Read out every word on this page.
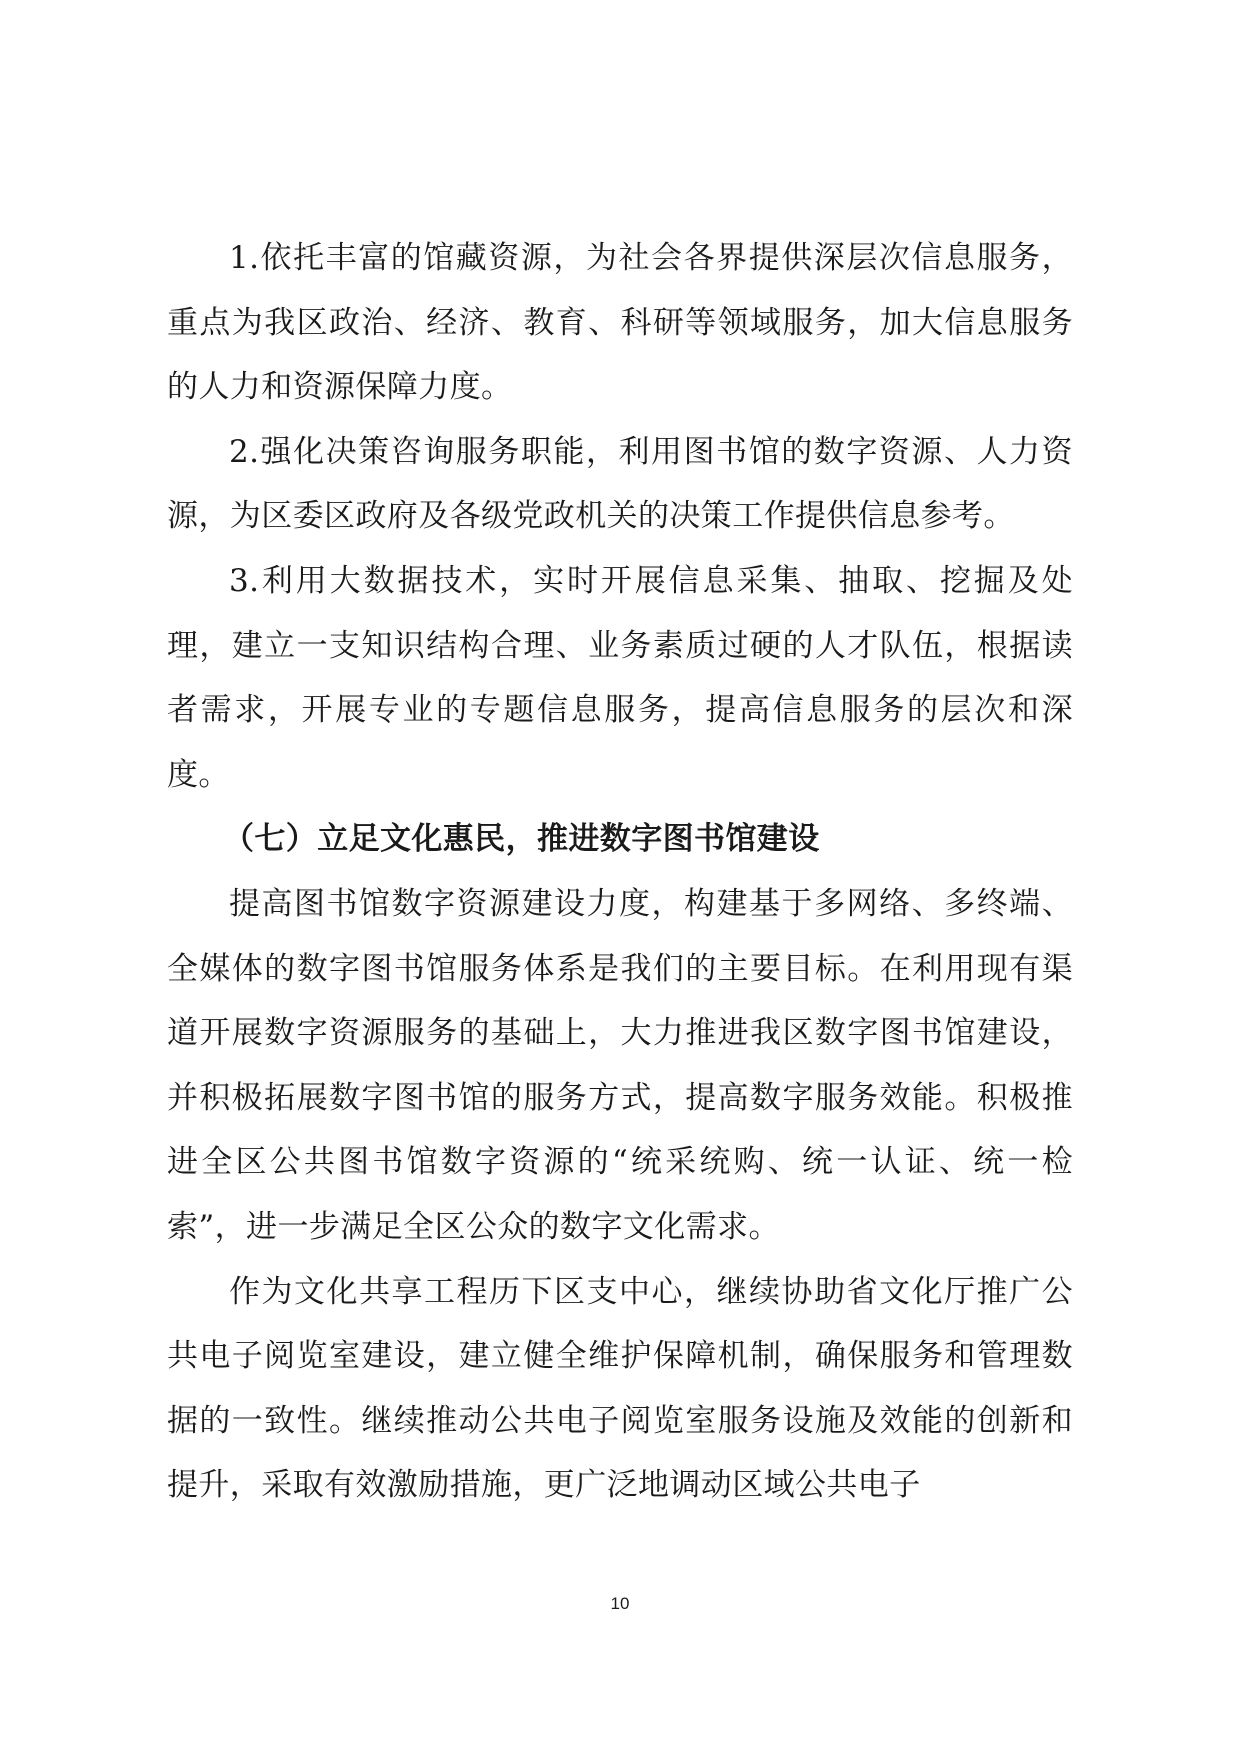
1.依托丰富的馆藏资源，为社会各界提供深层次信息服务，重点为我区政治、经济、教育、科研等领域服务，加大信息服务的人力和资源保障力度。

2.强化决策咨询服务职能，利用图书馆的数字资源、人力资源，为区委区政府及各级党政机关的决策工作提供信息参考。

3.利用大数据技术，实时开展信息采集、抽取、挖掘及处理，建立一支知识结构合理、业务素质过硬的人才队伍，根据读者需求，开展专业的专题信息服务，提高信息服务的层次和深度。

（七）立足文化惠民，推进数字图书馆建设

提高图书馆数字资源建设力度，构建基于多网络、多终端、全媒体的数字图书馆服务体系是我们的主要目标。在利用现有渠道开展数字资源服务的基础上，大力推进我区数字图书馆建设，并积极拓展数字图书馆的服务方式，提高数字服务效能。积极推进全区公共图书馆数字资源的“统采统购、统一认证、统一检索”，进一步满足全区公众的数字文化需求。

作为文化共享工程历下区支中心，继续协助省文化厅推广公共电子阅览室建设，建立健全维护保障机制，确保服务和管理数据的一致性。继续推动公共电子阅览室服务设施及效能的创新和提升，采取有效激励措施，更广泛地调动区域公共电子

10
